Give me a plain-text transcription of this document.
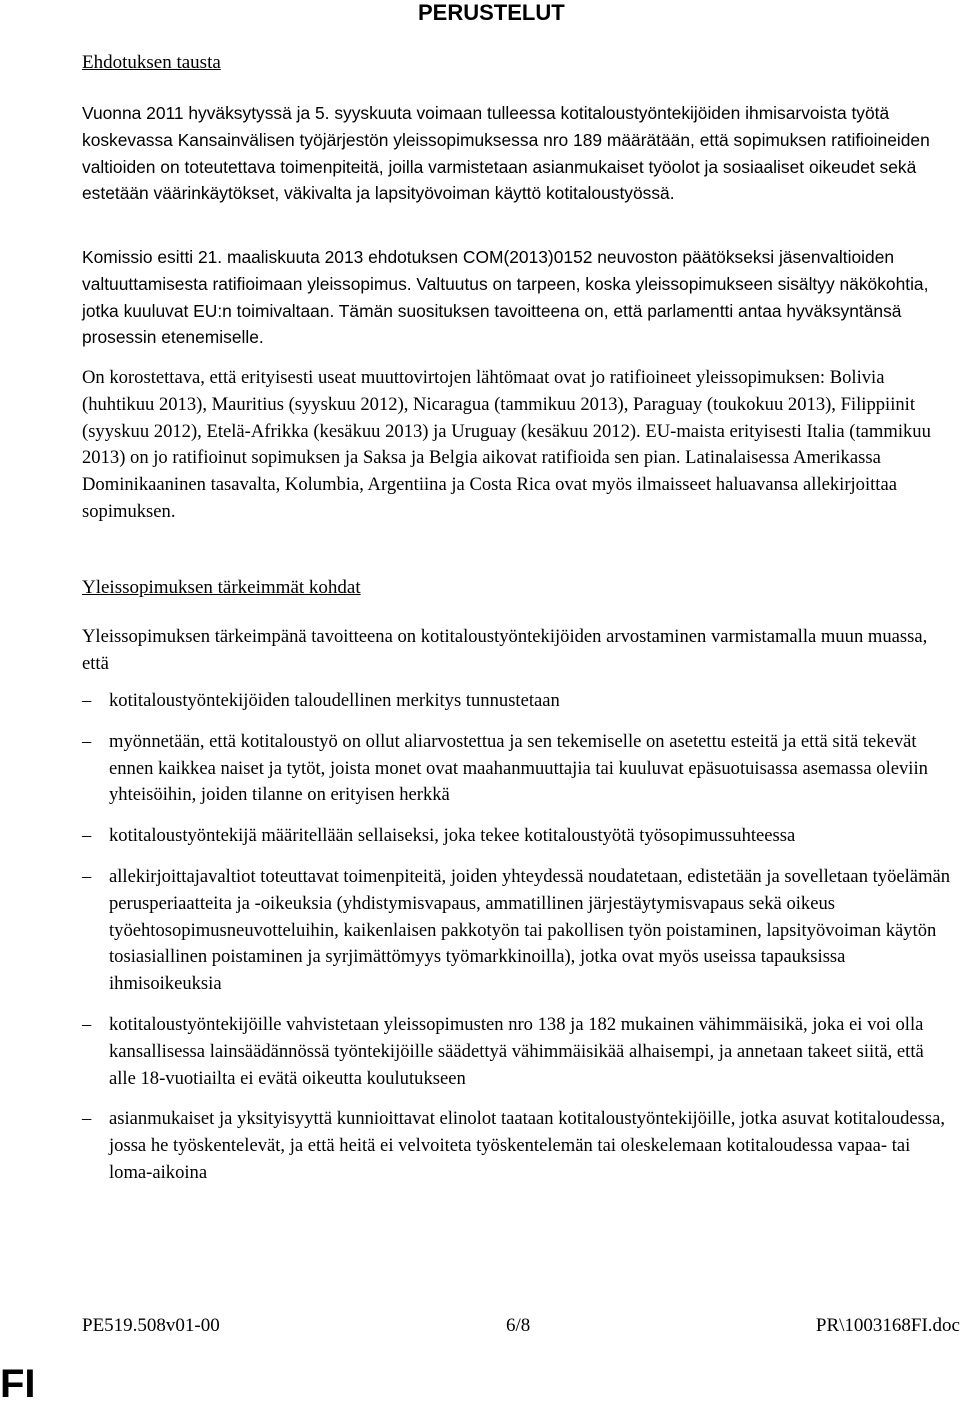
PERUSTELUT
Ehdotuksen tausta

Vuonna 2011 hyväksytyssä ja 5. syyskuuta voimaan tulleessa kotitaloustyöntekijöiden ihmisarvoista työtä koskevassa Kansainvälisen työjärjestön yleissopimuksessa nro 189 määrätään, että sopimuksen ratifioineiden valtioiden on toteutettava toimenpiteitä, joilla varmistetaan asianmukaiset työolot ja sosiaaliset oikeudet sekä estetään väärinkäytökset, väkivalta ja lapsityövoiman käyttö kotitaloustyössä.

Komissio esitti 21. maaliskuuta 2013 ehdotuksen COM(2013)0152 neuvoston päätökseksi jäsenvaltioiden valtuuttamisesta ratifioimaan yleissopimus. Valtuutus on tarpeen, koska yleissopimukseen sisältyy näkökohtia, jotka kuuluvat EU:n toimivaltaan. Tämän suosituksen tavoitteena on, että parlamentti antaa hyväksyntänsä prosessin etenemiselle.

On korostettava, että erityisesti useat muuttovirtojen lähtömaat ovat jo ratifioineet yleissopimuksen: Bolivia (huhtikuu 2013), Mauritius (syyskuu 2012), Nicaragua (tammikuu 2013), Paraguay (toukokuu 2013), Filippiinit (syyskuu 2012), Etelä-Afrikka (kesäkuu 2013) ja Uruguay (kesäkuu 2012). EU-maista erityisesti Italia (tammikuu 2013) on jo ratifioinut sopimuksen ja Saksa ja Belgia aikovat ratifioida sen pian. Latinalaisessa Amerikassa Dominikaaninen tasavalta, Kolumbia, Argentiina ja Costa Rica ovat myös ilmaisseet haluavansa allekirjoittaa sopimuksen.

Yleissopimuksen tärkeimmät kohdat

Yleissopimuksen tärkeimpänä tavoitteena on kotitaloustyöntekijöiden arvostaminen varmistamalla muun muassa, että

– kotitaloustyöntekijöiden taloudellinen merkitys tunnustetaan
– myönnetään, että kotitaloustyö on ollut aliarvostettua ja sen tekemiselle on asetettu esteitä ja että sitä tekevät ennen kaikkea naiset ja tytöt, joista monet ovat maahanmuuttajia tai kuuluvat epäsuotuisassa asemassa oleviin yhteisöihin, joiden tilanne on erityisen herkkä
– kotitaloustyöntekijä määritellään sellaiseksi, joka tekee kotitaloustyötä työsopimussuhteessa
– allekirjoittajavaltiot toteuttavat toimenpiteitä, joiden yhteydessä noudatetaan, edistetään ja sovelletaan työelämän perusperiaatteita ja -oikeuksia (yhdistymisvapaus, ammatillinen järjestäytymisvapaus sekä oikeus työehtosopimusneuvotteluihin, kaikenlaisen pakkotyön tai pakollisen työn poistaminen, lapsityövoiman käytön tosiasiallinen poistaminen ja syrjimättömyys työmarkkinoilla), jotka ovat myös useissa tapauksissa ihmisoikeuksia
– kotitaloustyöntekijöille vahvistetaan yleissopimusten nro 138 ja 182 mukainen vähimmäisikä, joka ei voi olla kansallisessa lainsäädännössä työntekijöille säädettyä vähimmäisikää alhaisempi, ja annetaan takeet siitä, että alle 18-vuotiailta ei evätä oikeutta koulutukseen
– asianmukaiset ja yksityisyyttä kunnioittavat elinolot taataan kotitaloustyöntekijöille, jotka asuvat kotitaloudessa, jossa he työskentelevät, ja että heitä ei velvoiteta työskentelemän tai oleskelemaan kotitaloudessa vapaa- tai loma-aikoina
PE519.508v01-00	6/8	PR\1003168FI.doc
FI
